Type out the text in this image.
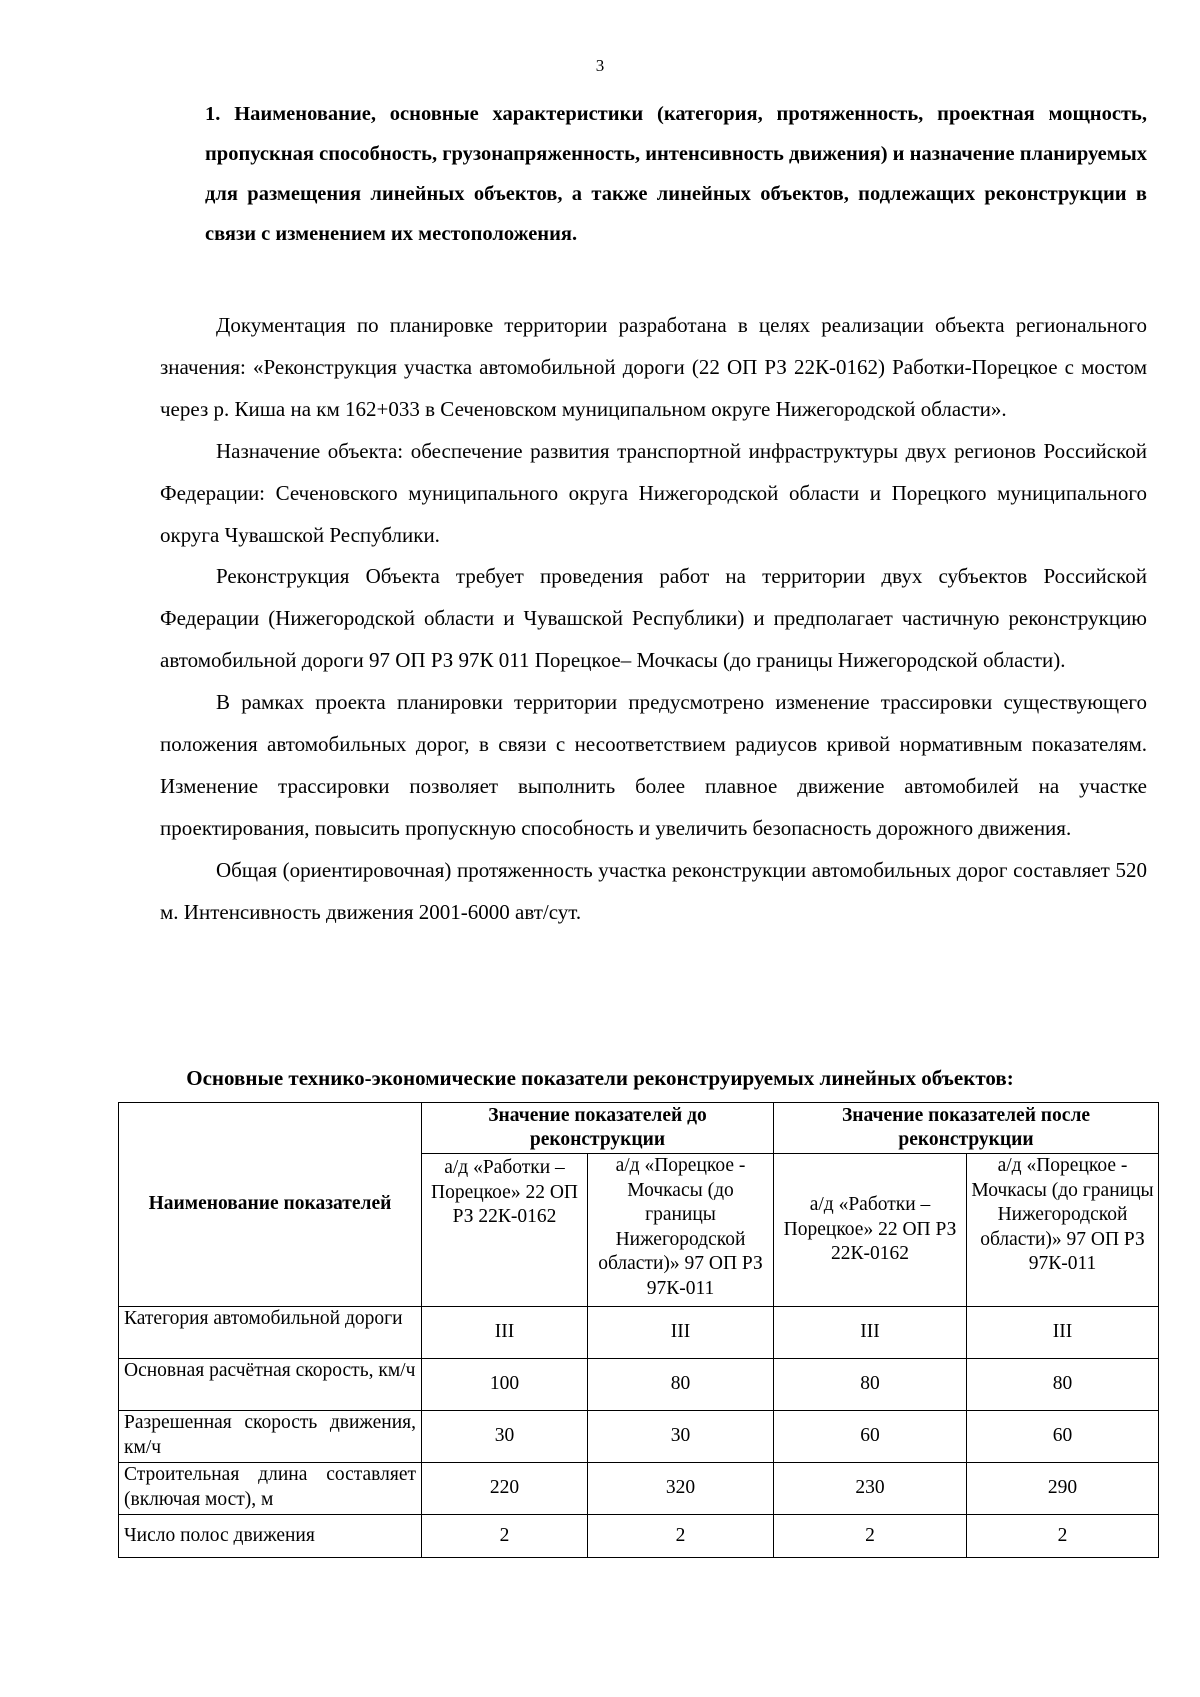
3

1. Наименование, основные характеристики (категория, протяженность, проектная мощность, пропускная способность, грузонапряженность, интенсивность движения) и назначение планируемых для размещения линейных объектов, а также линейных объектов, подлежащих реконструкции в связи с изменением их местоположения.

Документация по планировке территории разработана в целях реализации объекта регионального значения: «Реконструкция участка автомобильной дороги (22 ОП РЗ 22К-0162) Работки-Порецкое с мостом через р. Киша на км 162+033 в Сеченовском муниципальном округе Нижегородской области».

Назначение объекта: обеспечение развития транспортной инфраструктуры двух регионов Российской Федерации: Сеченовского муниципального округа Нижегородской области и Порецкого муниципального округа Чувашской Республики.

Реконструкция Объекта требует проведения работ на территории двух субъектов Российской Федерации (Нижегородской области и Чувашской Республики) и предполагает частичную реконструкцию автомобильной дороги 97 ОП РЗ 97К 011 Порецкое– Мочкасы (до границы Нижегородской области).

В рамках проекта планировки территории предусмотрено изменение трассировки существующего положения автомобильных дорог, в связи с несоответствием радиусов кривой нормативным показателям. Изменение трассировки позволяет выполнить более плавное движение автомобилей на участке проектирования, повысить пропускную способность и увеличить безопасность дорожного движения.

Общая (ориентировочная) протяженность участка реконструкции автомобильных дорог составляет 520 м. Интенсивность движения 2001-6000 авт/сут.

Основные технико-экономические показатели реконструируемых линейных объектов:

Наименование показателей	Значение показателей до реконструкции		Значение показателей после реконструкции	
	а/д «Работки – Порецкое» 22 ОП РЗ 22К-0162	а/д «Порецкое - Мочкасы (до границы Нижегородской области)» 97 ОП РЗ 97К-011	а/д «Работки – Порецкое» 22 ОП РЗ 22К-0162	а/д «Порецкое - Мочкасы (до границы Нижегородской области)» 97 ОП РЗ 97К-011
Категория автомобильной дороги	III	III	III	III
Основная расчётная скорость, км/ч	100	80	80	80
Разрешенная скорость движения, км/ч	30	30	60	60
Строительная длина составляет (включая мост), м	220	320	230	290
Число полос движения	2	2	2	2
